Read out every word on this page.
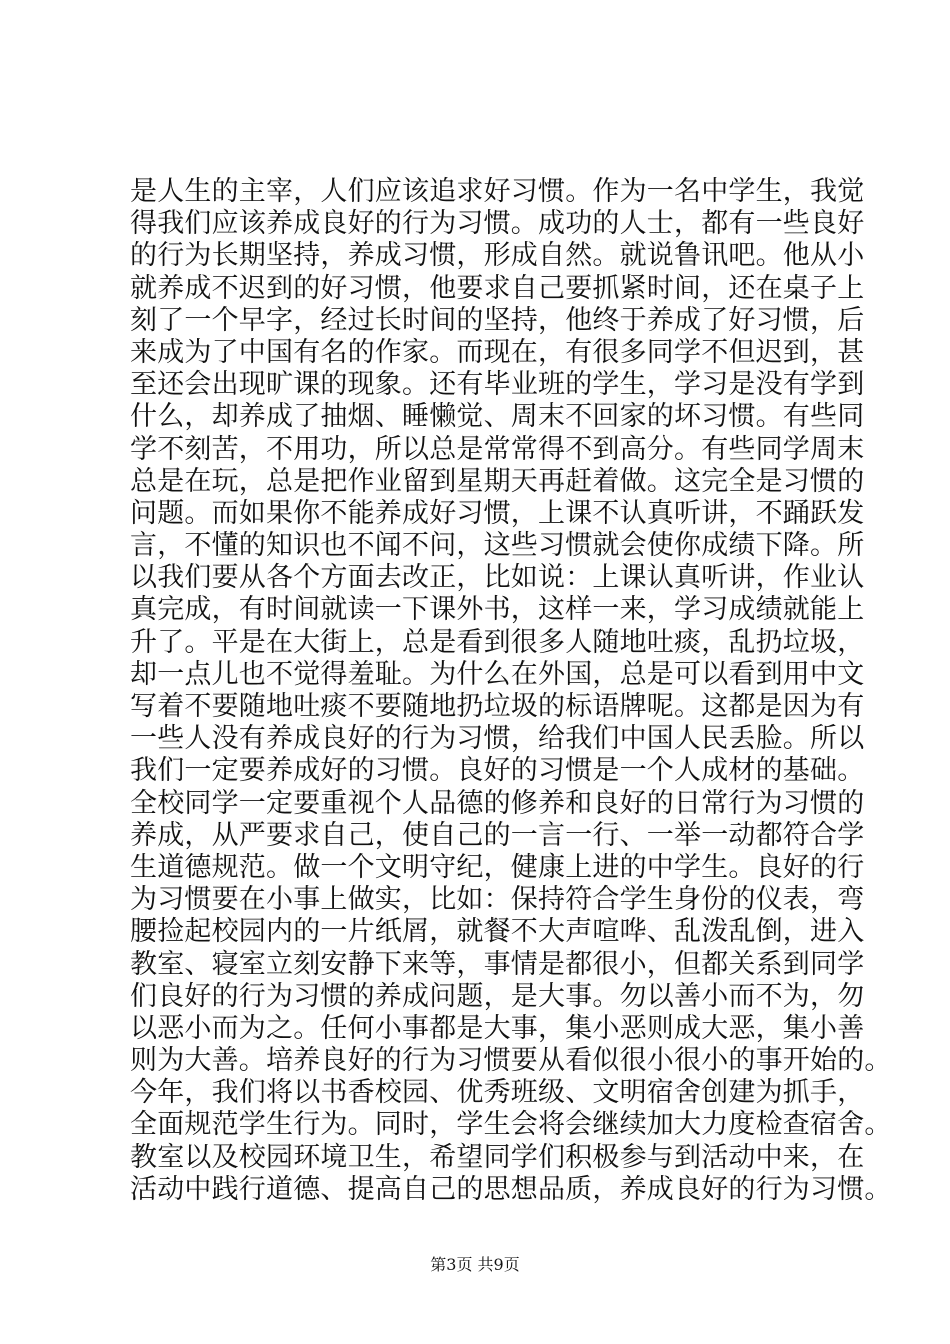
是人生的主宰，人们应该追求好习惯。作为一名中学生，我觉
得我们应该养成良好的行为习惯。成功的人士，都有一些良好
的行为长期坚持，养成习惯，形成自然。就说鲁讯吧。他从小
就养成不迟到的好习惯，他要求自己要抓紧时间，还在桌子上
刻了一个早字，经过长时间的坚持，他终于养成了好习惯，后
来成为了中国有名的作家。而现在，有很多同学不但迟到，甚
至还会出现旷课的现象。还有毕业班的学生，学习是没有学到
什么，却养成了抽烟、睡懒觉、周末不回家的坏习惯。有些同
学不刻苦，不用功，所以总是常常得不到高分。有些同学周末
总是在玩，总是把作业留到星期天再赶着做。这完全是习惯的
问题。而如果你不能养成好习惯，上课不认真听讲，不踊跃发
言，不懂的知识也不闻不问，这些习惯就会使你成绩下降。所
以我们要从各个方面去改正，比如说：上课认真听讲，作业认
真完成，有时间就读一下课外书，这样一来，学习成绩就能上
升了。平是在大街上，总是看到很多人随地吐痰，乱扔垃圾，
却一点儿也不觉得羞耻。为什么在外国，总是可以看到用中文
写着不要随地吐痰不要随地扔垃圾的标语牌呢。这都是因为有
一些人没有养成良好的行为习惯，给我们中国人民丢脸。所以
我们一定要养成好的习惯。良好的习惯是一个人成材的基础。
全校同学一定要重视个人品德的修养和良好的日常行为习惯的
养成，从严要求自己，使自己的一言一行、一举一动都符合学
生道德规范。做一个文明守纪，健康上进的中学生。良好的行
为习惯要在小事上做实，比如：保持符合学生身份的仪表，弯
腰捡起校园内的一片纸屑，就餐不大声喧哗、乱泼乱倒，进入
教室、寝室立刻安静下来等，事情是都很小，但都关系到同学
们良好的行为习惯的养成问题，是大事。勿以善小而不为，勿
以恶小而为之。任何小事都是大事，集小恶则成大恶，集小善
则为大善。培养良好的行为习惯要从看似很小很小的事开始的。
今年，我们将以书香校园、优秀班级、文明宿舍创建为抓手，
全面规范学生行为。同时，学生会将会继续加大力度检查宿舍。
教室以及校园环境卫生，希望同学们积极参与到活动中来，在
活动中践行道德、提高自己的思想品质，养成良好的行为习惯。
第3页 共9页
